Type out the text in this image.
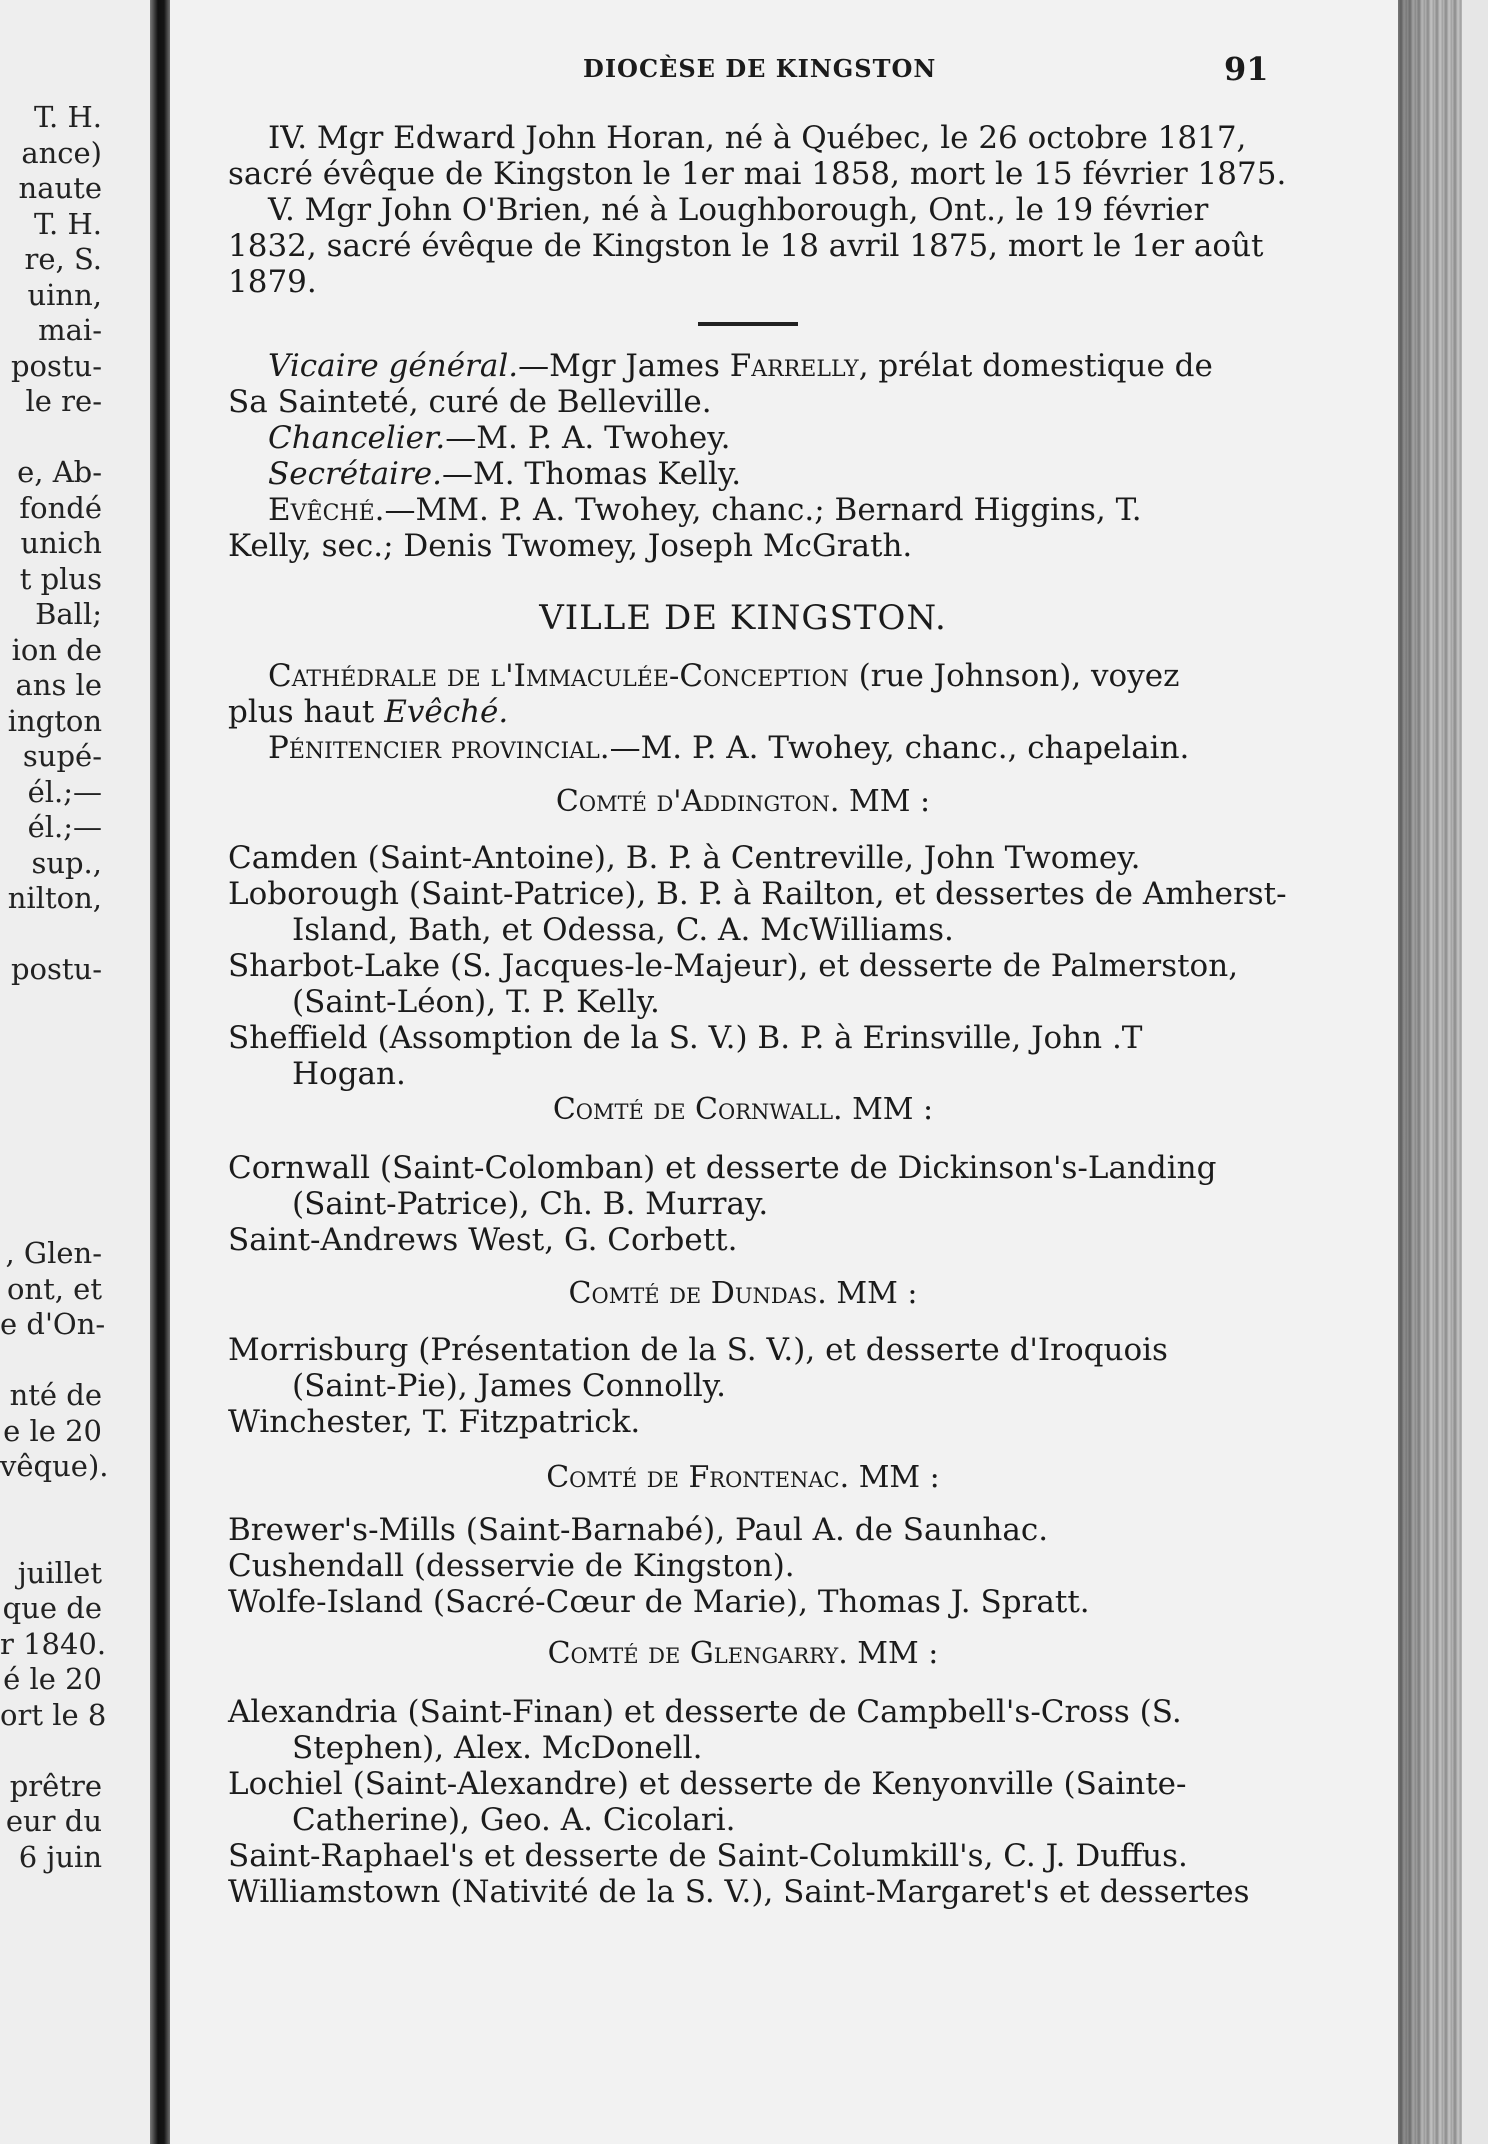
T. H.
ance)
naute
T. H.
re, S.
uinn,
mai-
postu-
le re-
e, Ab-
fondé
unich
t plus
Ball;
ion de
ans le
ington
supé-
él.;—
él.;—
sup.,
nilton,
postu-
, Glen-
ont, et
e d'On-
nté de
e le 20
vêque).
juillet
que de
r 1840.
é le 20
ort le 8
prêtre
eur du
6 juin
DIOCÈSE DE KINGSTON	91
IV. Mgr Edward John Horan, né à Québec, le 26 octobre 1817,
sacré évêque de Kingston le 1er mai 1858, mort le 15 février 1875.
V. Mgr John O'Brien, né à Loughborough, Ont., le 19 février
1832, sacré évêque de Kingston le 18 avril 1875, mort le 1er août
1879.
Vicaire général.—Mgr James Farrelly, prélat domestique de
Sa Sainteté, curé de Belleville.
Chancelier.—M. P. A. Twohey.
Secrétaire.—M. Thomas Kelly.
Evêché.—MM. P. A. Twohey, chanc.; Bernard Higgins, T.
Kelly, sec.; Denis Twomey, Joseph McGrath.
VILLE DE KINGSTON.
Cathédrale de l'Immaculée-Conception (rue Johnson), voyez
plus haut Evêché.
Pénitencier provincial.—M. P. A. Twohey, chanc., chapelain.
Comté d'Addington. MM :
Camden (Saint-Antoine), B. P. à Centreville, John Twomey.
Loborough (Saint-Patrice), B. P. à Railton, et dessertes de Amherst-
Island, Bath, et Odessa, C. A. McWilliams.
Sharbot-Lake (S. Jacques-le-Majeur), et desserte de Palmerston,
(Saint-Léon), T. P. Kelly.
Sheffield (Assomption de la S. V.) B. P. à Erinsville, John .T
Hogan.
Comté de Cornwall. MM :
Cornwall (Saint-Colomban) et desserte de Dickinson's-Landing
(Saint-Patrice), Ch. B. Murray.
Saint-Andrews West, G. Corbett.
Comté de Dundas. MM :
Morrisburg (Présentation de la S. V.), et desserte d'Iroquois
(Saint-Pie), James Connolly.
Winchester, T. Fitzpatrick.
Comté de Frontenac. MM :
Brewer's-Mills (Saint-Barnabé), Paul A. de Saunhac.
Cushendall (desservie de Kingston).
Wolfe-Island (Sacré-Cœur de Marie), Thomas J. Spratt.
Comté de Glengarry. MM :
Alexandria (Saint-Finan) et desserte de Campbell's-Cross (S.
Stephen), Alex. McDonell.
Lochiel (Saint-Alexandre) et desserte de Kenyonville (Sainte-
Catherine), Geo. A. Cicolari.
Saint-Raphael's et desserte de Saint-Columkill's, C. J. Duffus.
Williamstown (Nativité de la S. V.), Saint-Margaret's et dessertes
